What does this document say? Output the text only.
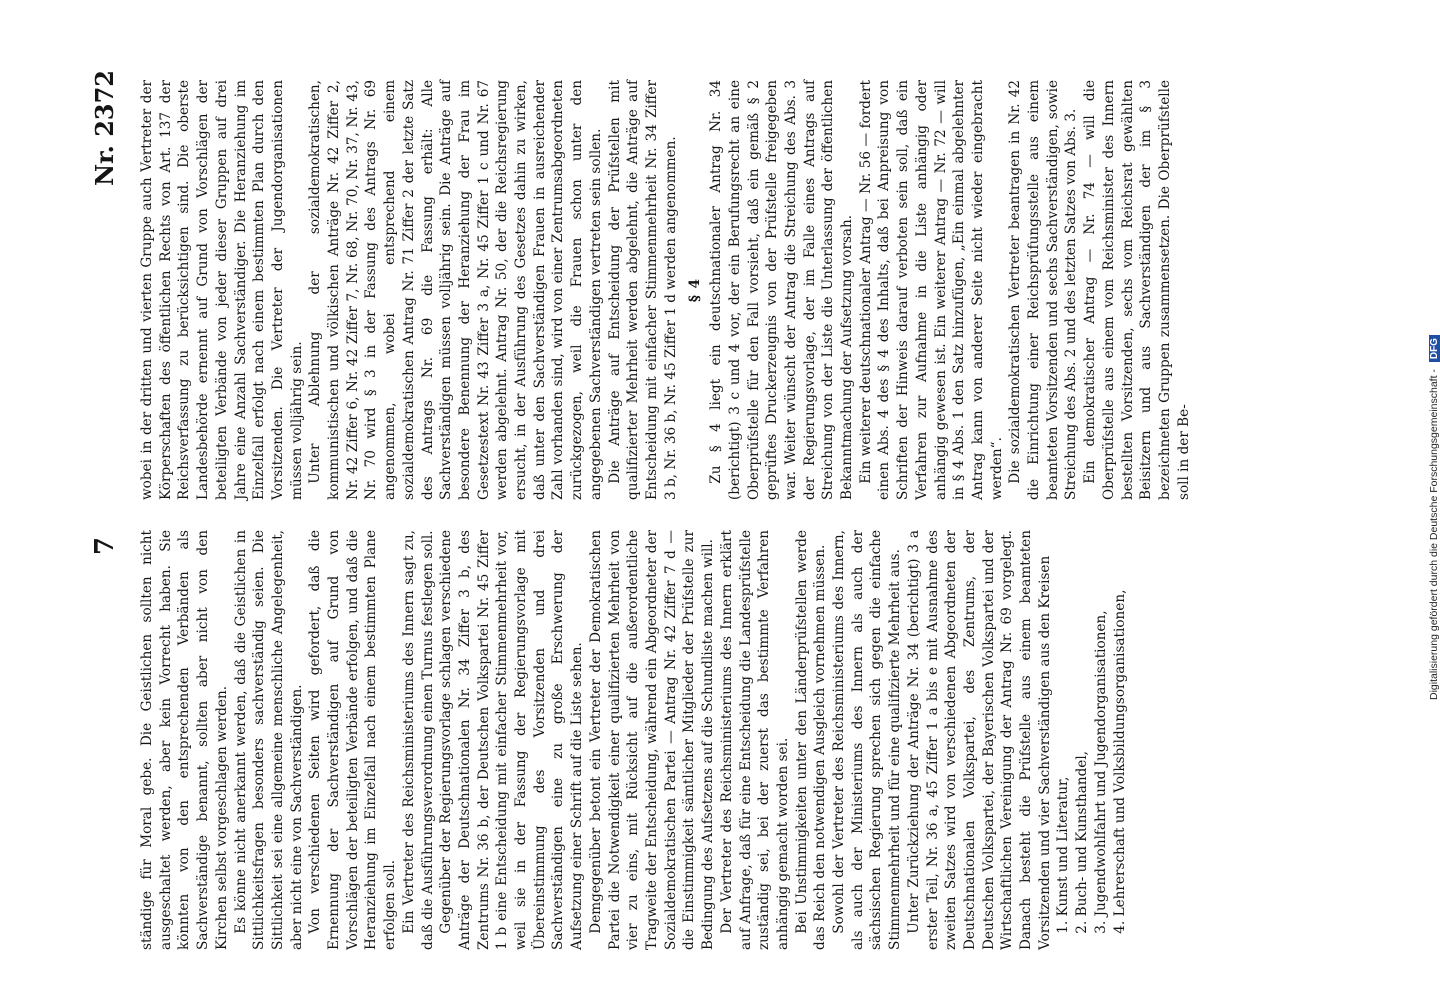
7
Nr. 2372

ständige für Moral gebe. Die Geistlichen sollten nicht ausgeschaltet werden, aber kein Vorrecht haben. Sie könnten von den entsprechenden Verbänden als Sachverständige benannt, sollten aber nicht von den Kirchen selbst vorgeschlagen werden. Es könne nicht anerkannt werden, daß die Geistlichen in Sittlichkeitsfragen besonders sachverständig seien. Die Sittlichkeit sei eine allgemeine menschliche Angelegenheit, aber nicht eine von Sachverständigen. Von verschiedenen Seiten wird gefordert, daß die Ernennung der Sachverständigen auf Grund von Vorschlägen der beteiligten Verbände erfolgen, und daß die Heranziehung im Einzelfall nach einem bestimmten Plane erfolgen soll. Ein Vertreter des Reichsministeriums des Innern sagt zu, daß die Ausführungsverordnung einen Turnus festlegen soll. Gegenüber der Regierungsvorlage schlagen verschiedene Anträge der Deutschnationalen Nr. 34 Ziffer 3 b, des Zentrums Nr. 36 b, der Deutschen Volkspartei Nr. 45 Ziffer 1 b eine Entscheidung mit einfacher Stimmenmehrheit vor, weil sie in der Fassung der Regierungsvorlage mit Übereinstimmung des Vorsitzenden und drei Sachverständigen eine zu große Erschwerung der Aufsetzung einer Schrift auf die Liste sehen. Demgegenüber betont ein Vertreter der Demokratischen Partei die Notwendigkeit einer qualifizierten Mehrheit von vier zu eins, mit Rücksicht auf die außerordentliche Tragweite der Entscheidung, während ein Abgeordneter der Sozialdemokratischen Partei — Antrag Nr. 42 Ziffer 7 d — die Einstimmigkeit sämtlicher Mitglieder der Prüfstelle zur Bedingung des Aufsetzens auf die Schundliste machen will. Der Vertreter des Reichsministeriums des Innern erklärt auf Anfrage, daß für eine Entscheidung die Landesprüfstelle zuständig sei, bei der zuerst das bestimmte Verfahren anhängig gemacht worden sei. Bei Unstimmigkeiten unter den Länderprüfstellen werde das Reich den notwendigen Ausgleich vornehmen müssen. Sowohl der Vertreter des Reichsministeriums des Innern, als auch der Ministeriums des Innern als auch der sächsischen Regierung sprechen sich gegen die einfache Stimmenmehrheit und für eine qualifizierte Mehrheit aus. Unter Zurückziehung der Anträge Nr. 34 (berichtigt) 3 a erster Teil, Nr. 36 a, 45 Ziffer 1 a bis e mit Ausnahme des zweiten Satzes wird von verschiedenen Abgeordneten der Deutschnationalen Volkspartei, des Zentrums, der Deutschen Volkspartei, der Bayerischen Volkspartei und der Wirtschaftlichen Vereinigung der Antrag Nr. 69 vorgelegt. Danach besteht die Prüfstelle aus einem beamteten Vorsitzenden und vier Sachverständigen aus den Kreisen 1. Kunst und Literatur, 2. Buch- und Kunsthandel, 3. Jugendwohlfahrt und Jugendorganisationen, 4. Lehrerschaft und Volksbildungsorganisationen,

wobei in der dritten und vierten Gruppe auch Vertreter der Körperschaften des öffentlichen Rechts von Art. 137 der Reichsverfassung zu berücksichtigen sind. Die oberste Landesbehörde ernennt auf Grund von Vorschlägen der beteiligten Verbände von jeder dieser Gruppen auf drei Jahre eine Anzahl Sachverständiger. Die Heranziehung im Einzelfall erfolgt nach einem bestimmten Plan durch den Vorsitzenden. Die Vertreter der Jugendorganisationen müssen volljährig sein. Unter Ablehnung der sozialdemokratischen, kommunistischen und völkischen Anträge Nr. 42 Ziffer 2, Nr. 42 Ziffer 6, Nr. 42 Ziffer 7, Nr. 68, Nr. 70, Nr. 37, Nr. 43, Nr. 70 wird § 3 in der Fassung des Antrags Nr. 69 angenommen, wobei entsprechend einem sozialdemokratischen Antrag Nr. 71 Ziffer 2 der letzte Satz des Antrags Nr. 69 die Fassung erhält: Alle Sachverständigen müssen volljährig sein. Die Anträge auf besondere Benennung der Heranziehung der Frau im Gesetzestext Nr. 43 Ziffer 3 a, Nr. 45 Ziffer 1 c und Nr. 67 werden abgelehnt. Antrag Nr. 50, der die Reichsregierung ersucht, in der Ausführung des Gesetzes dahin zu wirken, daß unter den Sachverständigen Frauen in ausreichender Zahl vorhanden sind, wird von einer Zentrumsabgeordneten zurückgezogen, weil die Frauen schon unter den angegebenen Sachverständigen vertreten sein sollen. Die Anträge auf Entscheidung der Prüfstellen mit qualifizierter Mehrheit werden abgelehnt, die Anträge auf Entscheidung mit einfacher Stimmenmehrheit Nr. 34 Ziffer 3 b, Nr. 36 b, Nr. 45 Ziffer 1 d werden angenommen. § 4 Zu § 4 liegt ein deutschnationaler Antrag Nr. 34 (berichtigt) 3 c und 4 vor, der ein Berufungsrecht an eine Oberprüfstelle für den Fall vorsieht, daß ein gemäß § 2 geprüftes Druckerzeugnis von der Prüfstelle freigegeben war. Weiter wünscht der Antrag die Streichung des Abs. 3 der Regierungsvorlage, der im Falle eines Antrags auf Streichung von der Liste die Unterlassung der öffentlichen Bekanntmachung der Aufsetzung vorsah. Ein weiterer deutschnationaler Antrag — Nr. 56 — fordert einen Abs. 4 des § 4 des Inhalts, daß bei Anpreisung von Schriften der Hinweis darauf verboten sein soll, daß ein Verfahren zur Aufnahme in die Liste anhängig oder anhängig gewesen ist. Ein weiterer Antrag — Nr. 72 — will in § 4 Abs. 1 den Satz hinzufügen, „Ein einmal abgelehnter Antrag kann von anderer Seite nicht wieder eingebracht werden“. Die sozialdemokratischen Vertreter beantragen in Nr. 42 die Einrichtung einer Reichsprüfungsstelle aus einem beamteten Vorsitzenden und sechs Sachverständigen, sowie Streichung des Abs. 2 und des letzten Satzes von Abs. 3. Ein demokratischer Antrag — Nr. 74 — will die Oberprüfstelle aus einem vom Reichsminister des Innern bestellten Vorsitzenden, sechs vom Reichsrat gewählten Beisitzern und aus Sachverständigen der im § 3 bezeichneten Gruppen zusammensetzen. Die Oberprüfstelle soll in der Be-	Digitalisierung gefördert durch die Deutsche Forschungsgemeinschaft - DFG
